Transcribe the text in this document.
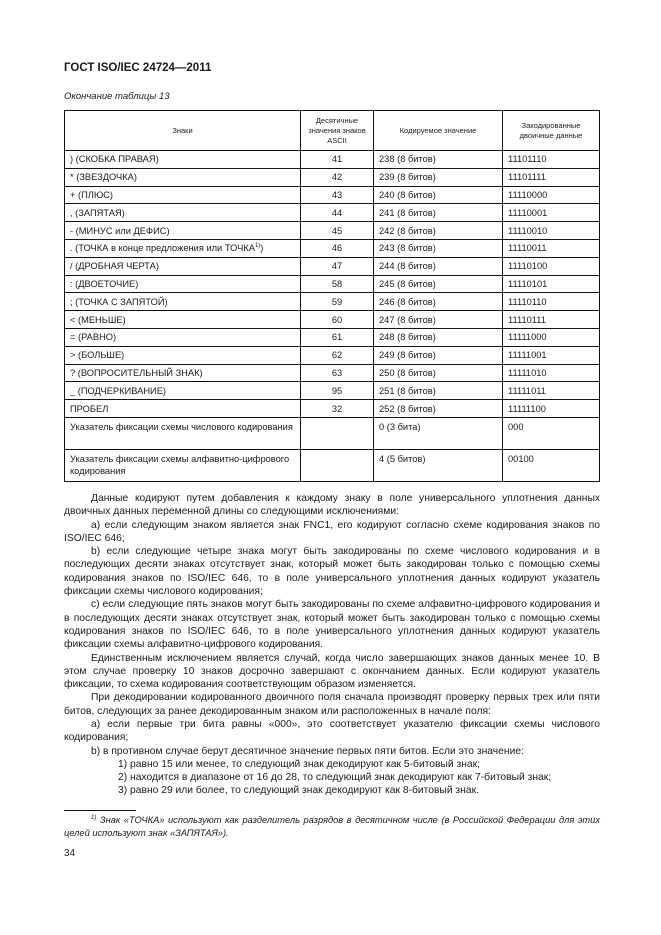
ГОСТ ISO/IEC 24724—2011
Окончание таблицы 13
Знаки	Десятичные значения знаков ASCII	Кодируемое значение	Закодированные двоичные данные
) (СКОБКА ПРАВАЯ)	41	238 (8 битов)	11101110
* (ЗВЕЗДОЧКА)	42	239 (8 битов)	11101111
+ (ПЛЮС)	43	240 (8 битов)	11110000
, (ЗАПЯТАЯ)	44	241 (8 битов)	11110001
- (МИНУС или ДЕФИС)	45	242 (8 битов)	11110010
. (ТОЧКА в конце предложения или ТОЧКА$^{1)}$)	46	243 (8 битов)	11110011
/ (ДРОБНАЯ ЧЕРТА)	47	244 (8 битов)	11110100
: (ДВОЕТОЧИЕ)	58	245 (8 битов)	11110101
; (ТОЧКА С ЗАПЯТОЙ)	59	246 (8 битов)	11110110
< (МЕНЬШЕ)	60	247 (8 битов)	11110111
= (РАВНО)	61	248 (8 битов)	11111000
> (БОЛЬШЕ)	62	249 (8 битов)	11111001
? (ВОПРОСИТЕЛЬНЫЙ ЗНАК)	63	250 (8 битов)	11111010
_ (ПОДЧЕРКИВАНИЕ)	95	251 (8 битов)	11111011
ПРОБЕЛ	32	252 (8 битов)	11111100
Указатель фиксации схемы числового кодирования		0 (3 бита)	000
Указатель фиксации схемы алфавитно-цифрового кодирования		4 (5 битов)	00100

Данные кодируют путем добавления к каждому знаку в поле универсального уплотнения данных двоичных данных переменной длины со следующими исключениями:

a) если следующим знаком является знак FNC1, его кодируют согласно схеме кодирования знаков по ISO/IEC 646;

b) если следующие четыре знака могут быть закодированы по схеме числового кодирования и в последующих десяти знаках отсутствует знак, который может быть закодирован только с помощью схемы кодирования знаков по ISO/IEC 646, то в поле универсального уплотнения данных кодируют указатель фиксации схемы числового кодирования;

c) если следующие пять знаков могут быть закодированы по схеме алфавитно-цифрового кодирования и в последующих десяти знаках отсутствует знак, который может быть закодирован только с помощью схемы кодирования знаков по ISO/IEC 646, то в поле универсального уплотнения данных кодируют указатель фиксации схемы алфавитно-цифрового кодирования.

Единственным исключением является случай, когда число завершающих знаков данных менее 10. В этом случае проверку 10 знаков досрочно завершают с окончанием данных. Если кодируют указатель фиксации, то схема кодирования соответствующим образом изменяется.

При декодировании кодированного двоичного поля сначала производят проверку первых трех или пяти битов, следующих за ранее декодированным знаком или расположенных в начале поля:

a) если первые три бита равны «000», это соответствует указателю фиксации схемы числового кодирования;

b) в противном случае берут десятичное значение первых пяти битов. Если это значение:

1) равно 15 или менее, то следующий знак декодируют как 5-битовый знак;

2) находится в диапазоне от 16 до 28, то следующий знак декодируют как 7-битовый знак;

3) равно 29 или более, то следующий знак декодируют как 8-битовый знак.

$^{1)}$ Знак «ТОЧКА» используют как разделитель разрядов в десятичном числе (в Российской Федерации для этих целей используют знак «ЗАПЯТАЯ»).
34
